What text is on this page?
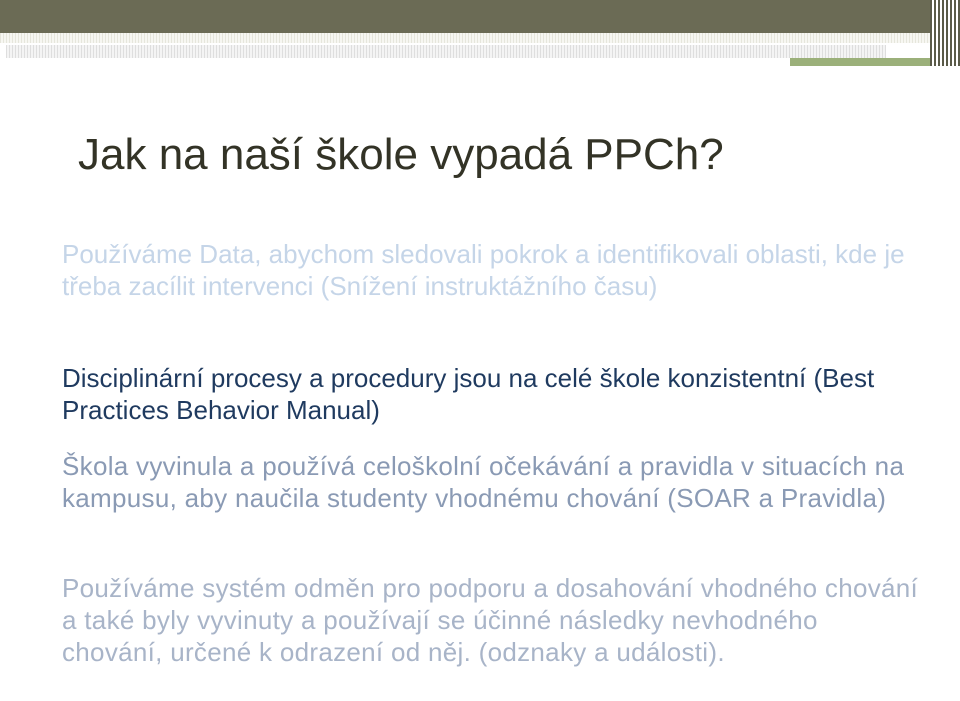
Jak na naší škole vypadá PPCh?

Používáme Data, abychom sledovali pokrok a identifikovali oblasti, kde je třeba zacílit intervenci (Snížení instruktážního času)

Disciplinární procesy a procedury jsou na celé škole konzistentní (Best Practices Behavior Manual)

Škola vyvinula a používá celoškolní očekávání a pravidla v situacích na kampusu, aby naučila studenty vhodnému chování (SOAR a Pravidla)

Používáme systém odměn pro podporu a dosahování vhodného chování a také byly vyvinuty a používají se účinné následky nevhodného chování, určené k odrazení od něj. (odznaky a události).
